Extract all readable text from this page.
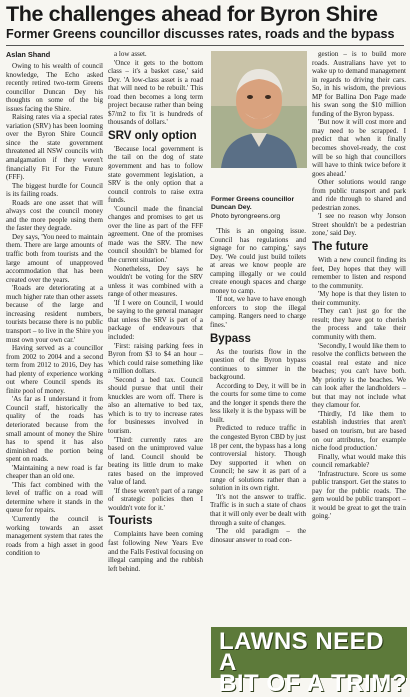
The challenges ahead for Byron Shire
Former Greens councillor discusses rates, roads and the bypass
Aslan Shand

Owing to his wealth of council knowledge, The Echo asked recently retired two-term Greens councillor Duncan Dey his thoughts on some of the big issues facing the Shire.

Raising rates via a special rates variation (SRV) has been looming over the Byron Shire Council since the state government threatened all NSW councils with amalgamation if they weren't financially Fit For the Future (FFF).

The biggest hurdle for Council is its failing roads.

Roads are one asset that will always cost the council money and the more people using them the faster they degrade.

Dey says, 'You need to maintain them. There are large amounts of traffic both from tourists and the large amount of unapproved accommodation that has been created over the years.

'Roads are deteriorating at a much higher rate than other assets because of the large and increasing resident numbers, tourists because there is no public transport – to live in the Shire you must own your own car.'

Having served as a councillor from 2002 to 2004 and a second term from 2012 to 2016, Dey has had plenty of experience working out where Council spends its finite pool of money.

'As far as I understand it from Council staff, historically the quality of the roads has deteriorated because from the small amount of money the Shire has to spend it has also diminished the portion being spent on roads.

'Maintaining a new road is far cheaper than an old one.

'This fact combined with the level of traffic on a road will determine where it stands in the queue for repairs.

'Currently the council is working towards an asset management system that rates the roads from a high asset in good condition to

a low asset.

'Once it gets to the bottom class – it's a basket case,' said Dey. 'A low-class asset is a road that will need to be rebuilt.' This road then becomes a long term project because rather than being $7/m2 to fix 'it is hundreds of thousands of dollars.'

SRV only option

'Because local government is the tail on the dog of state government and has to follow state government legislation, a SRV is the only option that a council controls to raise extra funds.

'Council made the financial changes and promises to get us over the line as part of the FFF agreement. One of the promises made was the SRV. The new council shouldn't be blamed for the current situation.'

Nonetheless, Dey says he wouldn't be voting for the SRV unless it was combined with a range of other measures.

'If I were on Council, I would be saying to the general manager that unless the SRV is part of a package of endeavours that included:

'First: raising parking fees in Byron from $3 to $4 an hour – which could raise something like a million dollars.

'Second a bed tax. Council should pursue that until their knuckles are worn off. There is also an alternative to bed tax, which is to try to increase rates for businesses involved in tourism.

'Third: currently rates are based on the unimproved value of land. Council should be beating its little drum to make rates based on the improved value of land.

'If these weren't part of a range of strategic policies then I wouldn't vote for it.'

Tourists

Complaints have been coming fast following New Years Eve and the Falls Festival focusing on illegal camping and the rubbish left behind.

Former Greens councillor Duncan Dey.
Photo byrongreens.org

'This is an ongoing issue. Council has regulations and signage for no camping,' says Dey. 'We could just build toilets at areas we know people are camping illegally or we could create enough spaces and charge money to camp.

'If not, we have to have enough enforcers to stop the illegal camping. Rangers need to charge fines.'

Bypass

As the tourists flow in the question of the Byron bypass continues to simmer in the background.

According to Dey, it will be in the courts for some time to come and the longer it spends there the less likely it is the bypass will be built.

Predicted to reduce traffic in the congested Byron CBD by just 18 per cent, the bypass has a long controversial history. Though Dey supported it when on Council; he saw it as part of a range of solutions rather than a solution in its own right.

'It's not the answer to traffic. Traffic is in such a state of chaos that it will only ever be dealt with through a suite of changes.

'The old paradigm – the dinosaur answer to road con-

gestion – is to build more roads. Australians have yet to wake up to demand management in regards to driving their cars. So, in his wisdom, the previous MP for Ballina Don Page made his swan song the $10 million funding of the Byron bypass.

'But now it will cost more and may need to be scrapped. I predict that when it finally becomes shovel-ready, the cost will be so high that councillors will have to think twice before it goes ahead.'

Other solutions would range from public transport and park and ride through to shared and pedestrian zones.

'I see no reason why Jonson Street shouldn't be a pedestrian zone,' said Dey.

The future

With a new council finding its feet, Dey hopes that they will remember to listen and respond to the community.

'My hope is that they listen to their community.

'They can't just go for the result; they have got to cherish the process and take their community with them.

'Secondly, I would like them to resolve the conflicts between the coastal real estate and nice beaches; you can't have both. My priority is the beaches. We can look after the landholders – but that may not include what they clamour for.

'Thirdly, I'd like them to establish industries that aren't based on tourism, but are based on our attributes, for example niche food production.'

Finally, what would make this council remarkable?

'Infrastructure. Score us some public transport. Get the states to pay for the public roads. The gem would be public transport – it would be great to get the train going.'

LAWNS NEED A
BIT OF A TRIM?
